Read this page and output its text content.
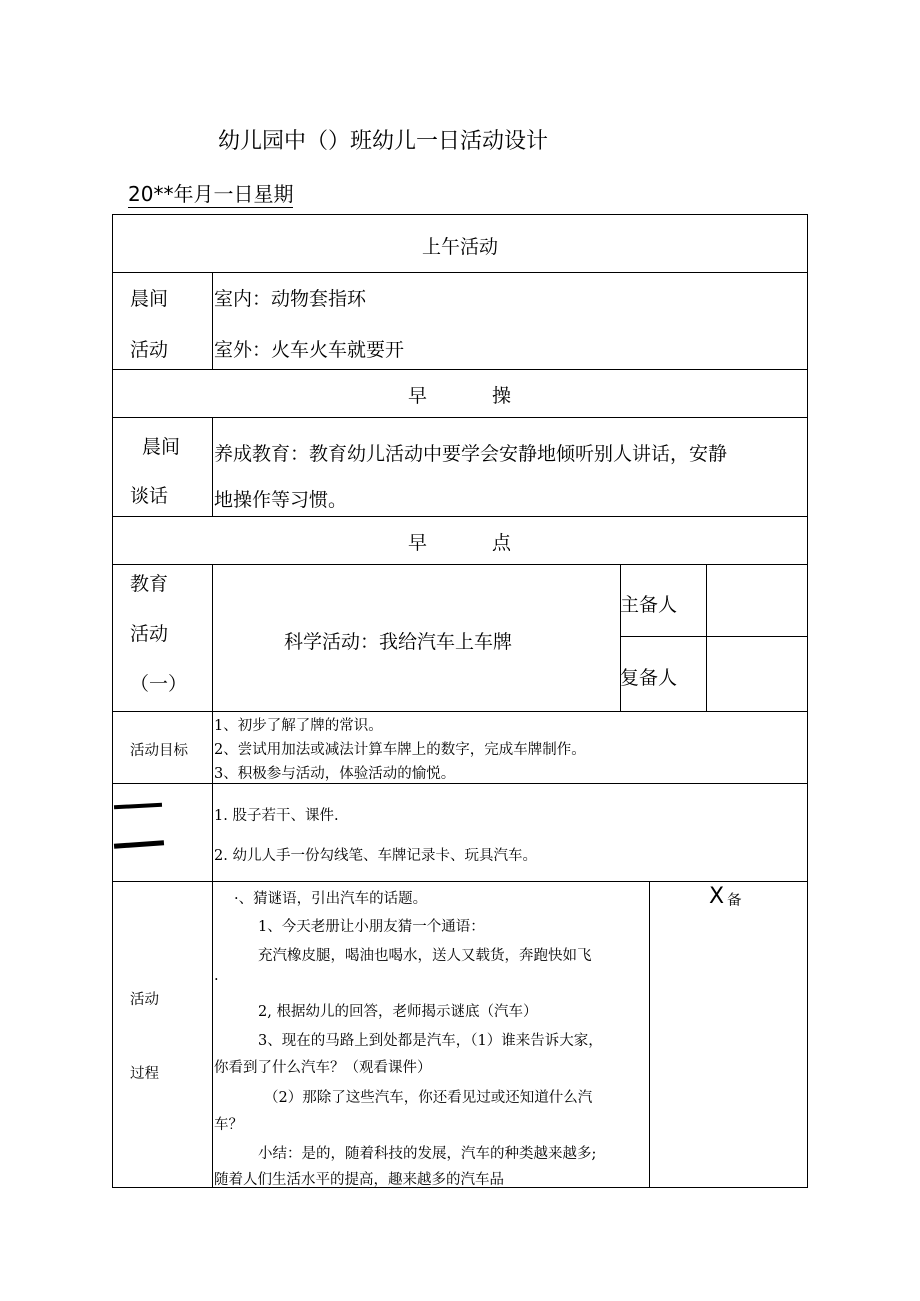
幼儿园中（）班幼儿一日活动设计
20**年月一日星期
上午活动
晨间
活动
室内：动物套指环
室外：火车火车就要开
早	操
晨间
谈话
养成教育：教育幼儿活动中要学会安静地倾听别人讲话，安静
地操作等习惯。
早	点
教育
活动
（一）
科学活动：我给汽车上车牌
主备人
复备人
活动目标
1、初步了解了牌的常识。
2、尝试用加法或减法计算车牌上的数字，完成车牌制作。
3、积极参与活动，体验活动的愉悦。
1. 股子若干、课件.
2. 幼儿人手一份勾线笔、车牌记录卡、玩具汽车。
活动
过程
X 备
·、猜谜语，引出汽车的话题。
1、今天老册让小朋友猜一个通语：
充汽橡皮腿，喝油也喝水，送人又载货，奔跑快如飞
.
2, 根据幼儿的回答，老师揭示谜底（汽车）
3、现在的马路上到处都是汽车，（1）谁来告诉大家，
你看到了什么汽车？（观看课件）
（2）那除了这些汽车，你还看见过或还知道什么汽
车？
小结：是的，随着科技的发展，汽车的种类越来越多;
随着人们生活水平的提高，趣来越多的汽车品
